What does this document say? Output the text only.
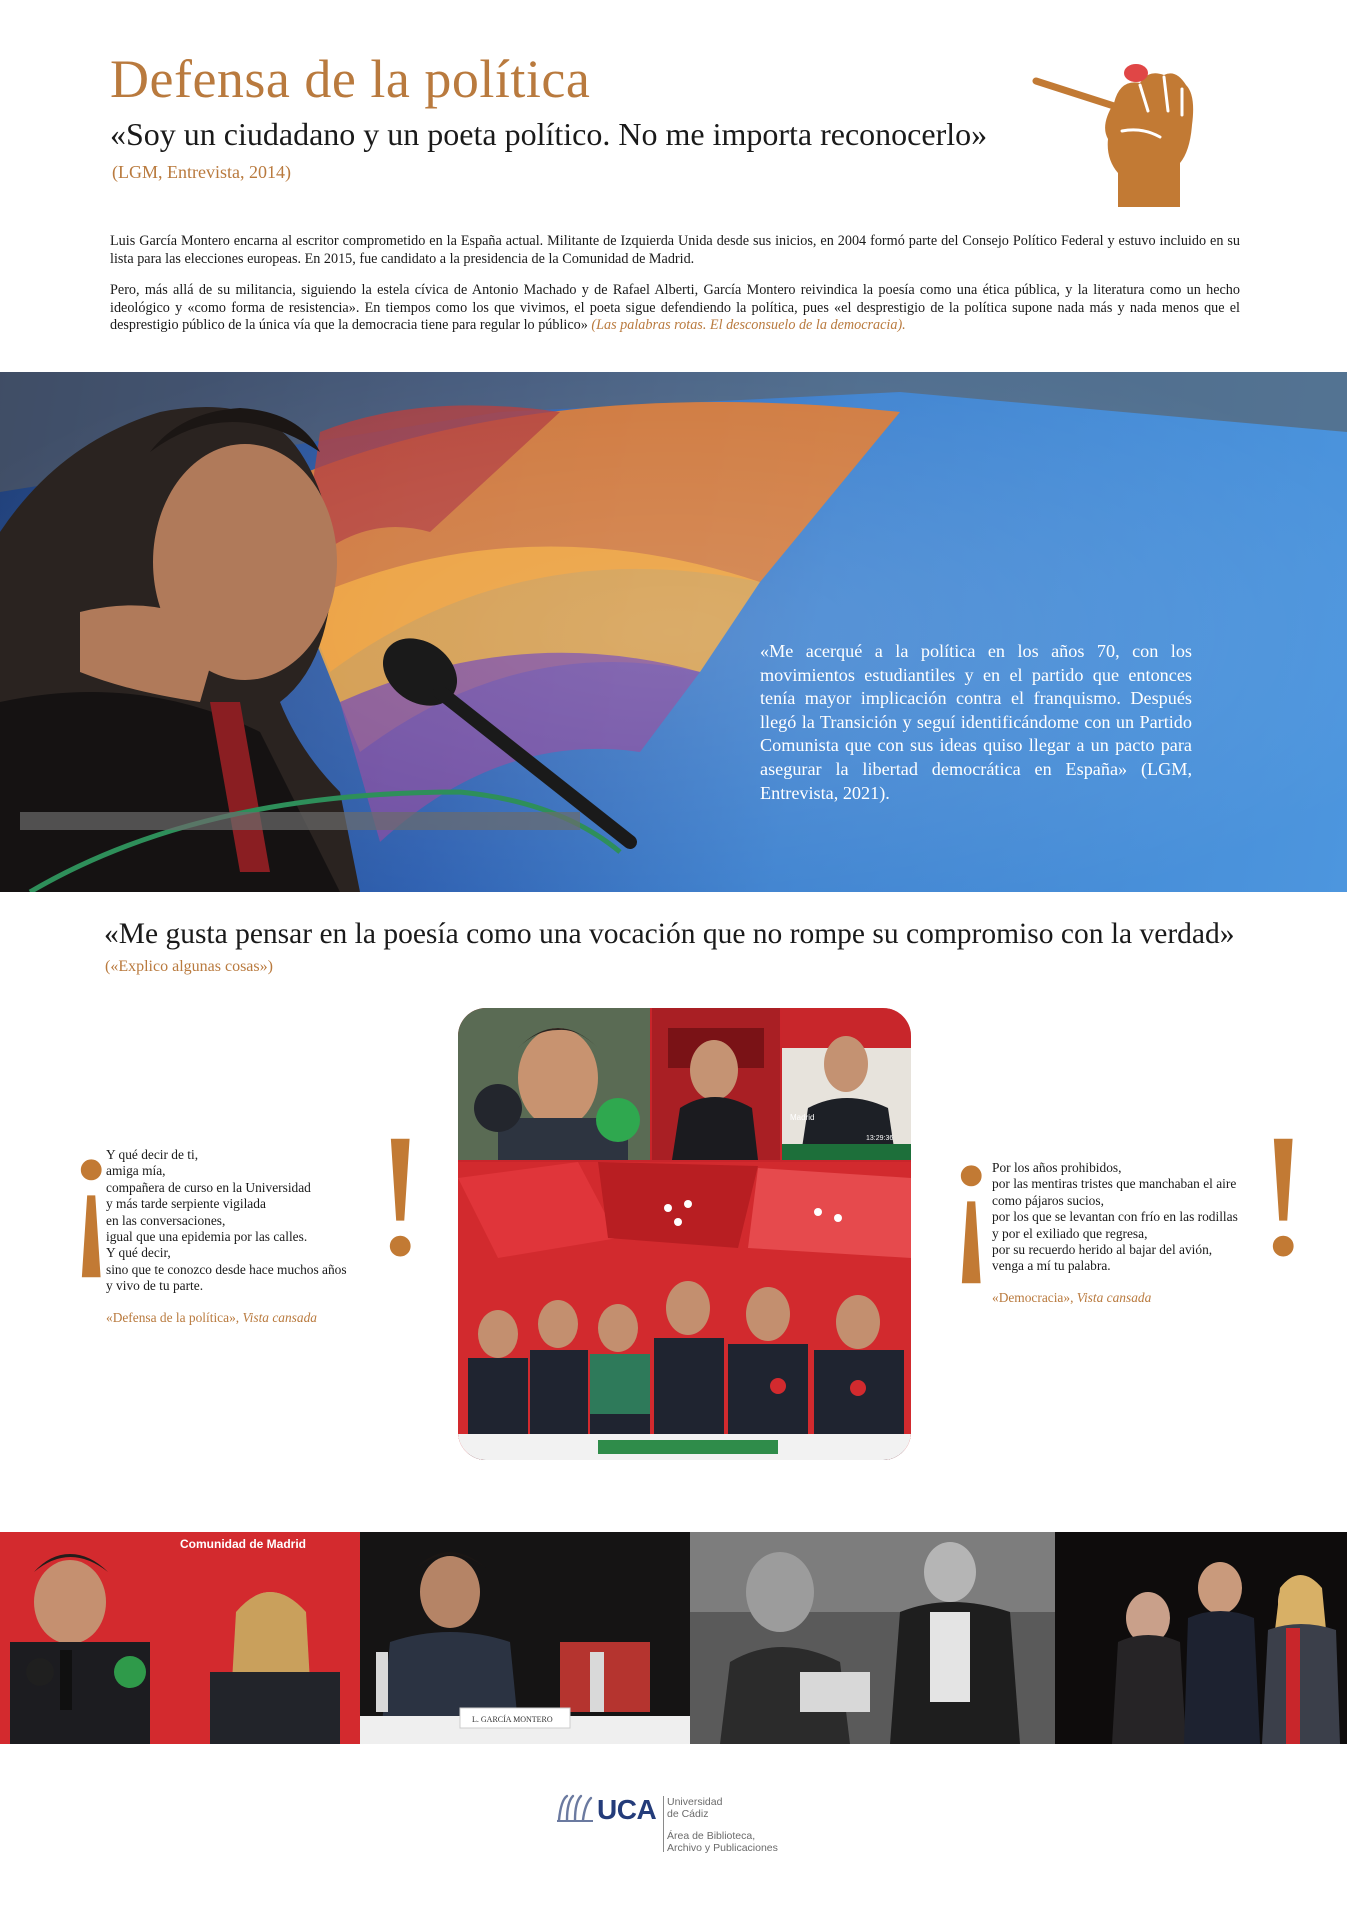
Defensa de la política
«Soy un ciudadano y un poeta político. No me importa reconocerlo»
(LGM, Entrevista, 2014)
Luis García Montero encarna al escritor comprometido en la España actual. Militante de Izquierda Unida desde sus inicios, en 2004 formó parte del Consejo Político Federal y estuvo incluido en su lista para las elecciones europeas. En 2015, fue candidato a la presidencia de la Comunidad de Madrid.
Pero, más allá de su militancia, siguiendo la estela cívica de Antonio Machado y de Rafael Alberti, García Montero reivindica la poesía como una ética pública, y la literatura como un hecho ideológico y «como forma de resistencia». En tiempos como los que vivimos, el poeta sigue defendiendo la política, pues «el desprestigio de la política supone nada más y nada menos que el desprestigio público de la única vía que la democracia tiene para regular lo público» (Las palabras rotas. El desconsuelo de la democracia).
«Me acerqué a la política en los años 70, con los movimientos estudiantiles y en el partido que entonces tenía mayor implicación contra el franquismo. Después llegó la Transición y seguí identificándome con un Partido Comunista que con sus ideas quiso llegar a un pacto para asegurar la libertad democrática en España» (LGM, Entrevista, 2021).
«Me gusta pensar en la poesía como una vocación que no rompe su compromiso con la verdad»
(«Explico algunas cosas»)
¡
Y qué decir de ti,
amiga mía,
compañera de curso en la Universidad
y más tarde serpiente vigilada
en las conversaciones,
igual que una epidemia por las calles.
Y qué decir,
sino que te conozco desde hace muchos años
y vivo de tu parte.
«Defensa de la política», Vista cansada
!	¡
Por los años prohibidos,
por las mentiras tristes que manchaban el aire
como pájaros sucios,
por los que se levantan con frío en las rodillas
y por el exiliado que regresa,
por su recuerdo herido al bajar del avión,
venga a mí tu palabra.
«Democracia», Vista cansada
!
Madrid
13:29:36
Comunidad de Madrid
L. GARCÍA MONTERO
UCA Universidad
de Cádiz
Área de Biblioteca,
Archivo y Publicaciones
